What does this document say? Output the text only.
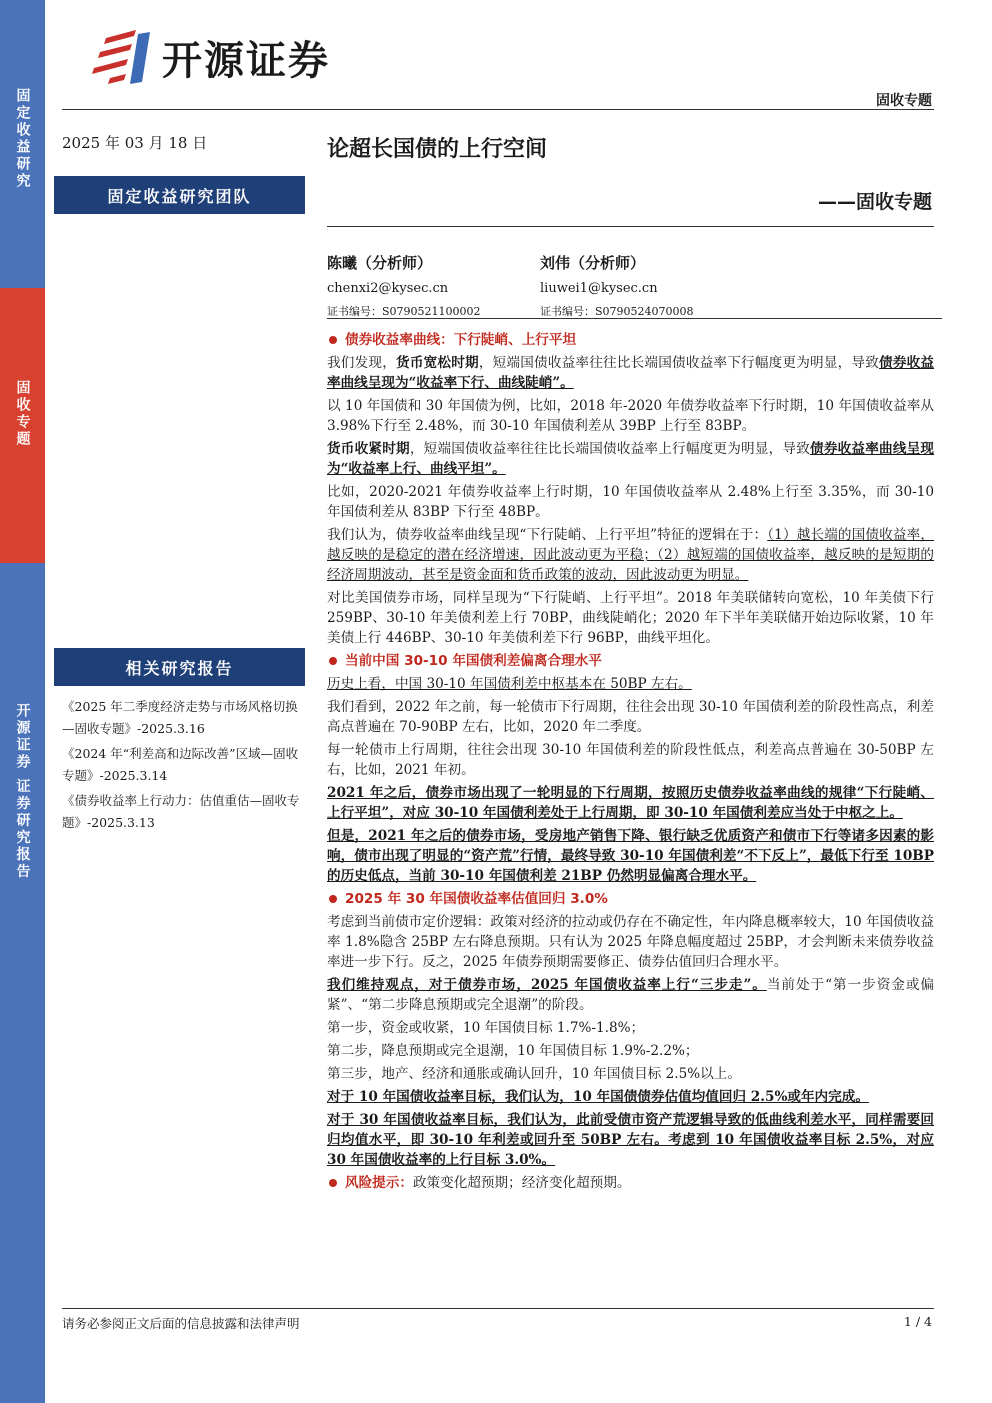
固定收益研究
固收专题
开源证券 证券研究报告
开源证券
固收专题
2025 年 03 月 18 日
固定收益研究团队
论超长国债的上行空间
——固收专题
陈曦（分析师）
chenxi2@kysec.cn
证书编号：S0790521100002
刘伟（分析师）
liuwei1@kysec.cn
证书编号：S0790524070008
相关研究报告

《2025 年二季度经济走势与市场风格切换—固收专题》-2025.3.16

《2024 年“利差高和边际改善”区域—固收专题》-2025.3.14

《债券收益率上行动力：估值重估—固收专题》-2025.3.13

债券收益率曲线：下行陡峭、上行平坦

我们发现，货币宽松时期，短端国债收益率往往比长端国债收益率下行幅度更为明显，导致债券收益率曲线呈现为“收益率下行、曲线陡峭”。

以 10 年国债和 30 年国债为例，比如，2018 年-2020 年债券收益率下行时期，10 年国债收益率从 3.98%下行至 2.48%，而 30-10 年国债利差从 39BP 上行至 83BP。

货币收紧时期，短端国债收益率往往比长端国债收益率上行幅度更为明显，导致债券收益率曲线呈现为“收益率上行、曲线平坦”。

比如，2020-2021 年债券收益率上行时期，10 年国债收益率从 2.48%上行至 3.35%，而 30-10 年国债利差从 83BP 下行至 48BP。

我们认为，债券收益率曲线呈现“下行陡峭、上行平坦”特征的逻辑在于：（1）越长端的国债收益率，越反映的是稳定的潜在经济增速，因此波动更为平稳；（2）越短端的国债收益率，越反映的是短期的经济周期波动，甚至是资金面和货币政策的波动，因此波动更为明显。

对比美国债券市场，同样呈现为“下行陡峭、上行平坦”。2018 年美联储转向宽松，10 年美债下行 259BP、30-10 年美债利差上行 70BP，曲线陡峭化；2020 年下半年美联储开始边际收紧，10 年美债上行 446BP、30-10 年美债利差下行 96BP，曲线平坦化。

当前中国 30-10 年国债利差偏离合理水平

历史上看，中国 30-10 年国债利差中枢基本在 50BP 左右。

我们看到，2022 年之前，每一轮债市下行周期，往往会出现 30-10 年国债利差的阶段性高点，利差高点普遍在 70-90BP 左右，比如，2020 年二季度。

每一轮债市上行周期，往往会出现 30-10 年国债利差的阶段性低点，利差高点普遍在 30-50BP 左右，比如，2021 年初。

2021 年之后，债券市场出现了一轮明显的下行周期，按照历史债券收益率曲线的规律“下行陡峭、上行平坦”，对应 30-10 年国债利差处于上行周期，即 30-10 年国债利差应当处于中枢之上。

但是，2021 年之后的债券市场，受房地产销售下降、银行缺乏优质资产和债市下行等诸多因素的影响，债市出现了明显的“资产荒”行情，最终导致 30-10 年国债利差“不下反上”，最低下行至 10BP 的历史低点，当前 30-10 年国债利差 21BP 仍然明显偏离合理水平。

2025 年 30 年国债收益率估值回归 3.0%

考虑到当前债市定价逻辑：政策对经济的拉动或仍存在不确定性，年内降息概率较大，10 年国债收益率 1.8%隐含 25BP 左右降息预期。只有认为 2025 年降息幅度超过 25BP，才会判断未来债券收益率进一步下行。反之，2025 年债券预期需要修正、债券估值回归合理水平。

我们维持观点，对于债券市场，2025 年国债收益率上行“三步走”。当前处于“第一步资金或偏紧”、“第二步降息预期或完全退潮”的阶段。

第一步，资金或收紧，10 年国债目标 1.7%-1.8%；

第二步，降息预期或完全退潮，10 年国债目标 1.9%-2.2%；

第三步，地产、经济和通胀或确认回升，10 年国债目标 2.5%以上。

对于 10 年国债收益率目标，我们认为，10 年国债债券估值均值回归 2.5%或年内完成。

对于 30 年国债收益率目标，我们认为，此前受债市资产荒逻辑导致的低曲线利差水平，同样需要回归均值水平，即 30-10 年利差或回升至 50BP 左右。考虑到 10 年国债收益率目标 2.5%，对应 30 年国债收益率的上行目标 3.0%。

风险提示： 政策变化超预期；经济变化超预期。
请务必参阅正文后面的信息披露和法律声明	1 / 4
